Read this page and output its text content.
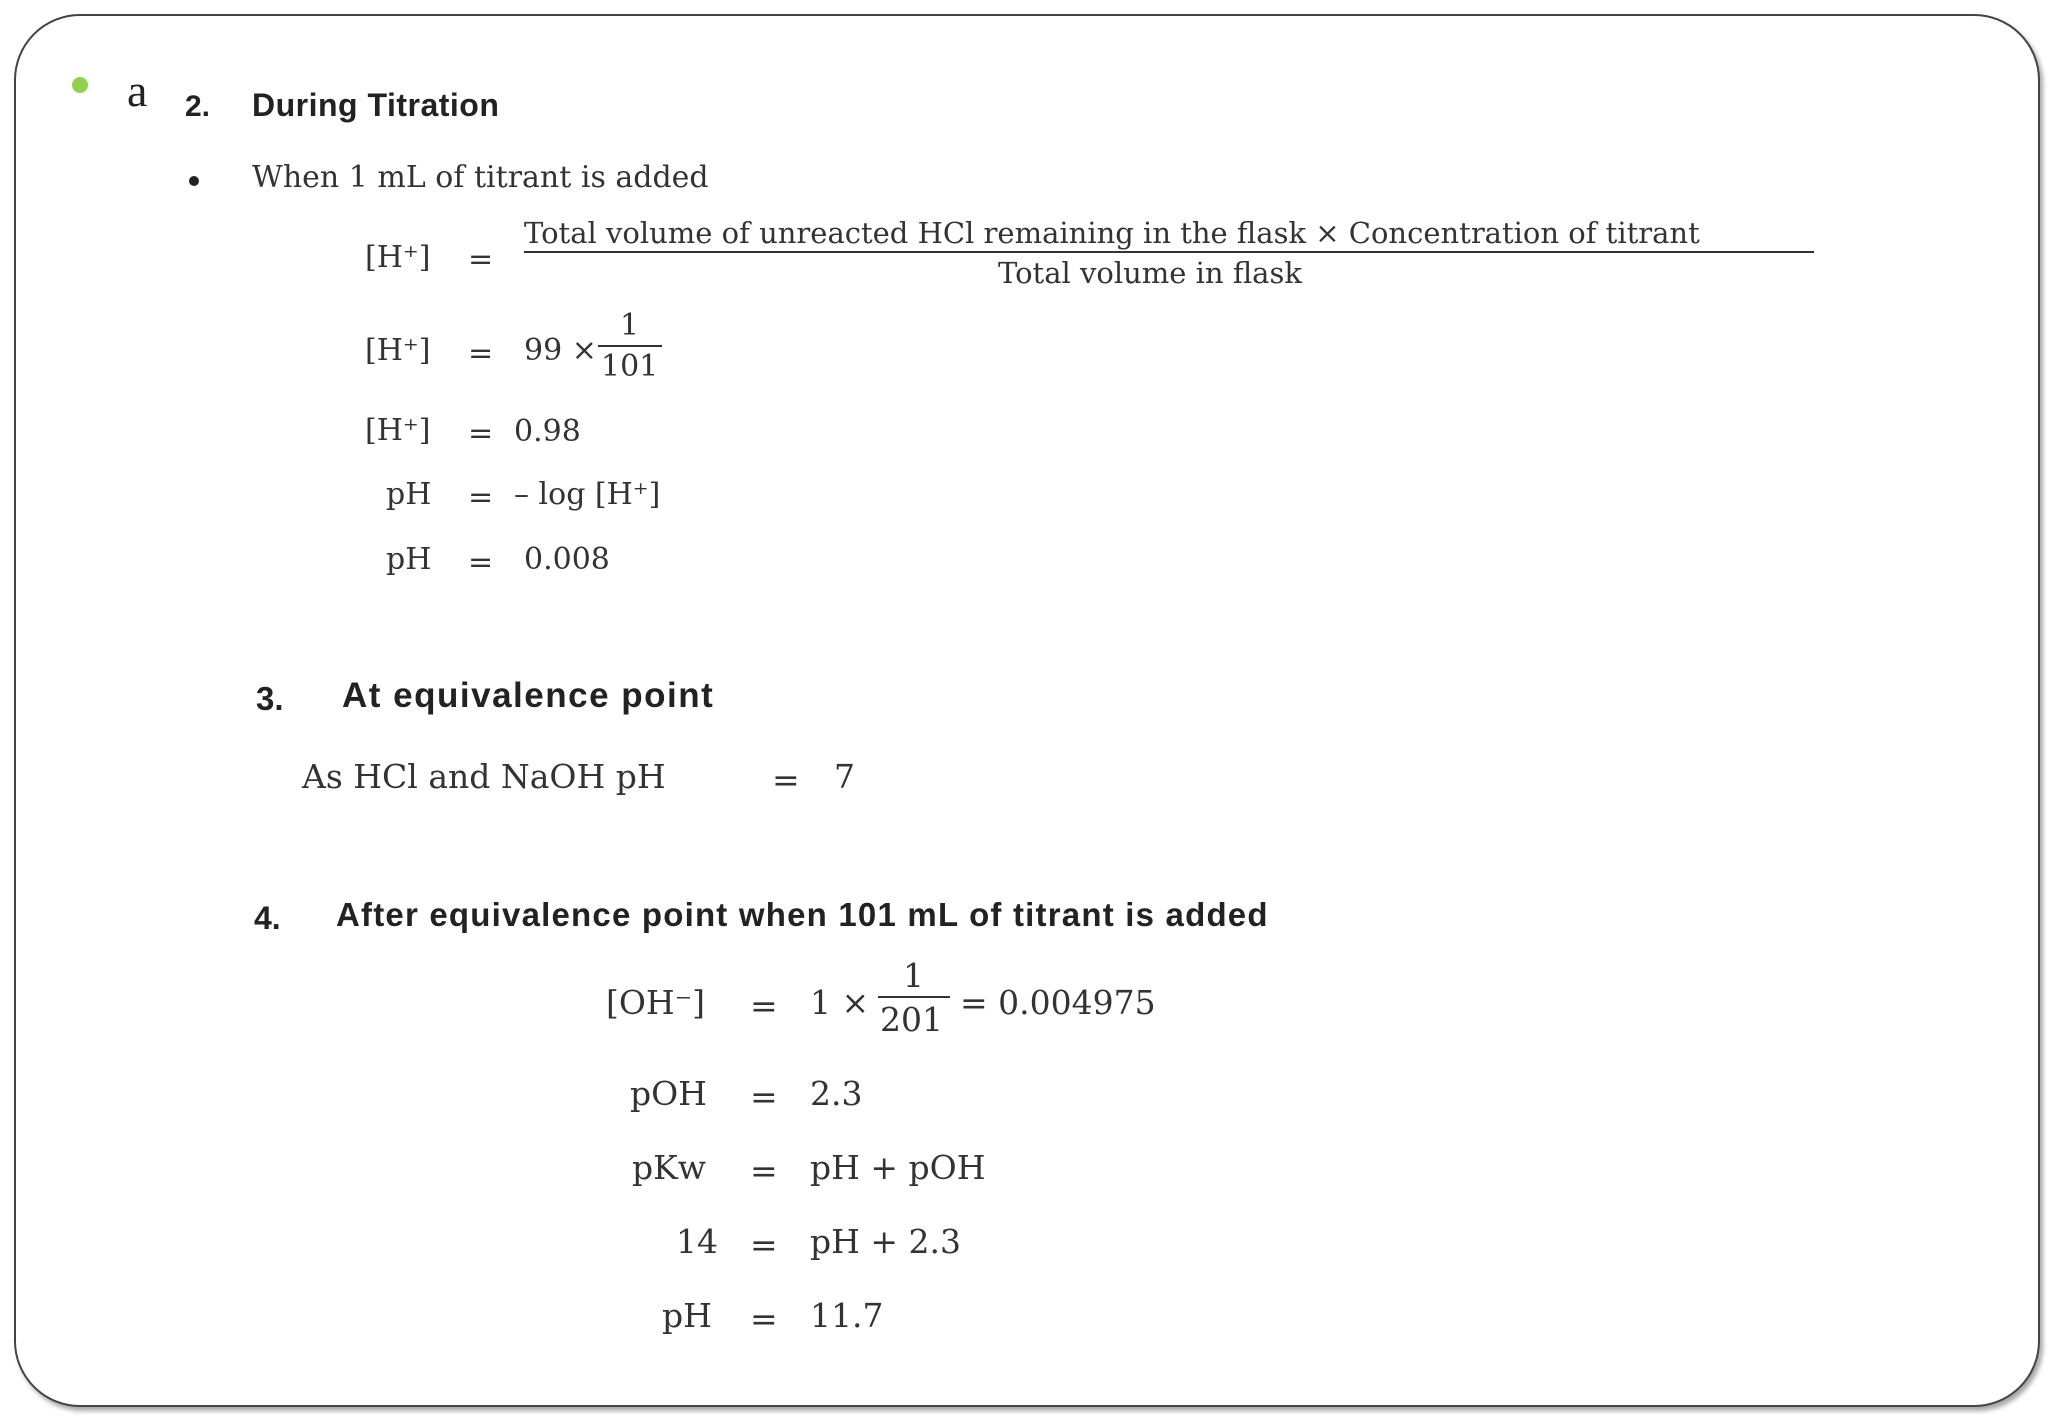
a 2. During Titration
When 1 mL of titrant is added
[H⁺] =
Total volume of unreacted HCl remaining in the flask × Concentration of titrant
Total volume in flask
[H⁺] = 99 ×
1
101
[H⁺] = 0.98
pH = – log [H⁺]
pH = 0.008
3. At equivalence point
As HCl and NaOH pH	= 7
4. After equivalence point when 101 mL of titrant is added
[OH⁻] = 1 ×
1
201 = 0.004975
pOH = 2.3
pKw = pH + pOH
14 = pH + 2.3
pH = 11.7
